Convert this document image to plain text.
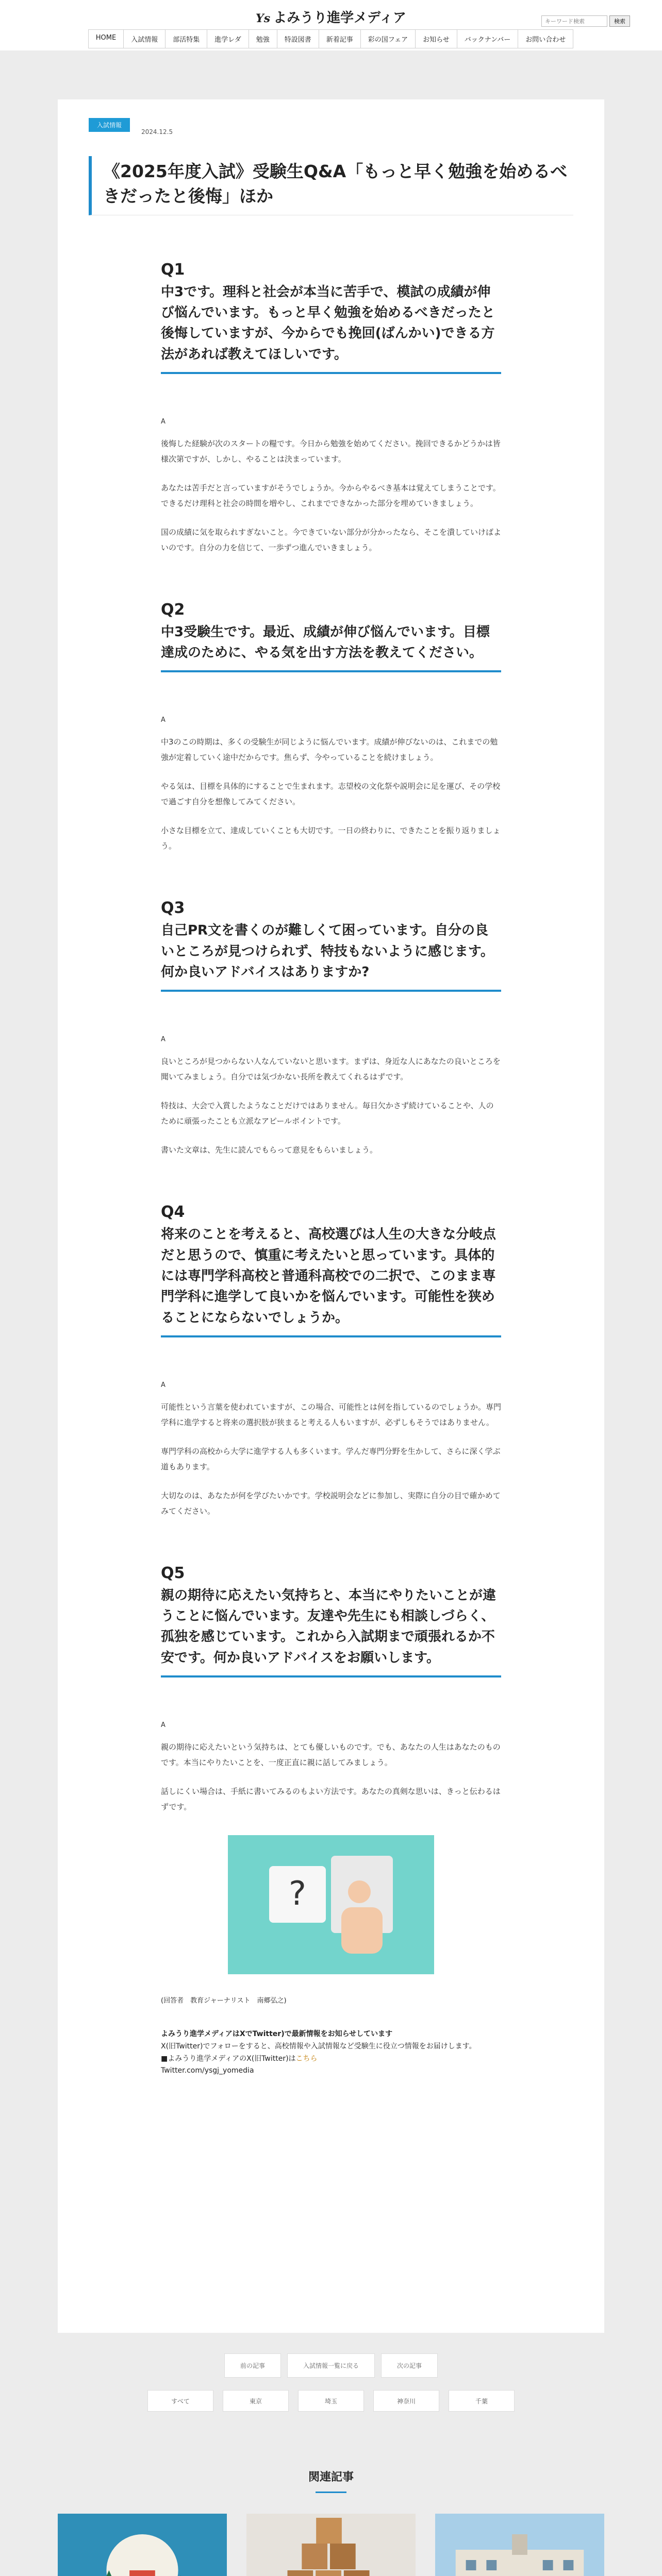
Ys よみうり進学メディア
キーワード検索	検索
HOME	入試情報	部活特集	進学レダ	勉強	特設図書	新着記事	彩の国フェア	お知らせ	バックナンバー	お問い合わせ
入試情報
2024.12.5
《2025年度入試》受験生Q&A「もっと早く勉強を始めるべきだったと後悔」ほか
Q1
中3です。理科と社会が本当に苦手で、模試の成績が伸び悩んでいます。もっと早く勉強を始めるべきだったと後悔していますが、今からでも挽回(ばんかい)できる方法があれば教えてほしいです。
A

後悔した経験が次のスタートの糧です。今日から勉強を始めてください。挽回できるかどうかは皆様次第ですが、しかし、やることは決まっています。

あなたは苦手だと言っていますがそうでしょうか。今からやるべき基本は覚えてしまうことです。できるだけ理科と社会の時間を増やし、これまでできなかった部分を埋めていきましょう。

国の成績に気を取られすぎないこと。今できていない部分が分かったなら、そこを潰していけばよいのです。自分の力を信じて、一歩ずつ進んでいきましょう。

Q2
中3受験生です。最近、成績が伸び悩んでいます。目標達成のために、やる気を出す方法を教えてください。
A

中3のこの時期は、多くの受験生が同じように悩んでいます。成績が伸びないのは、これまでの勉強が定着していく途中だからです。焦らず、今やっていることを続けましょう。

やる気は、目標を具体的にすることで生まれます。志望校の文化祭や説明会に足を運び、その学校で過ごす自分を想像してみてください。

小さな目標を立て、達成していくことも大切です。一日の終わりに、できたことを振り返りましょう。

Q3
自己PR文を書くのが難しくて困っています。自分の良いところが見つけられず、特技もないように感じます。何か良いアドバイスはありますか?
A

良いところが見つからない人なんていないと思います。まずは、身近な人にあなたの良いところを聞いてみましょう。自分では気づかない長所を教えてくれるはずです。

特技は、大会で入賞したようなことだけではありません。毎日欠かさず続けていることや、人のために頑張ったことも立派なアピールポイントです。

書いた文章は、先生に読んでもらって意見をもらいましょう。

Q4
将来のことを考えると、高校選びは人生の大きな分岐点だと思うので、慎重に考えたいと思っています。具体的には専門学科高校と普通科高校での二択で、このまま専門学科に進学して良いかを悩んでいます。可能性を狭めることにならないでしょうか。
A

可能性という言葉を使われていますが、この場合、可能性とは何を指しているのでしょうか。専門学科に進学すると将来の選択肢が狭まると考える人もいますが、必ずしもそうではありません。

専門学科の高校から大学に進学する人も多くいます。学んだ専門分野を生かして、さらに深く学ぶ道もあります。

大切なのは、あなたが何を学びたいかです。学校説明会などに参加し、実際に自分の目で確かめてみてください。

Q5
親の期待に応えたい気持ちと、本当にやりたいことが違うことに悩んでいます。友達や先生にも相談しづらく、孤独を感じています。これから入試期まで頑張れるか不安です。何か良いアドバイスをお願いします。
A

親の期待に応えたいという気持ちは、とても優しいものです。でも、あなたの人生はあなたのものです。本当にやりたいことを、一度正直に親に話してみましょう。

話しにくい場合は、手紙に書いてみるのもよい方法です。あなたの真剣な思いは、きっと伝わるはずです。

?
(回答者　教育ジャーナリスト　南郷弘之)
よみうり進学メディアはXでTwitter)で最新情報をお知らせしています
X(旧Twitter)でフォローをすると、高校情報や入試情報など受験生に役立つ情報をお届けします。
■よみうり進学メディアのX(旧Twitter)はこちら
Twitter.com/ysgj_yomedia
前の記事	入試情報一覧に戻る	次の記事
すべて	東京	埼玉	神奈川	千葉
関連記事
